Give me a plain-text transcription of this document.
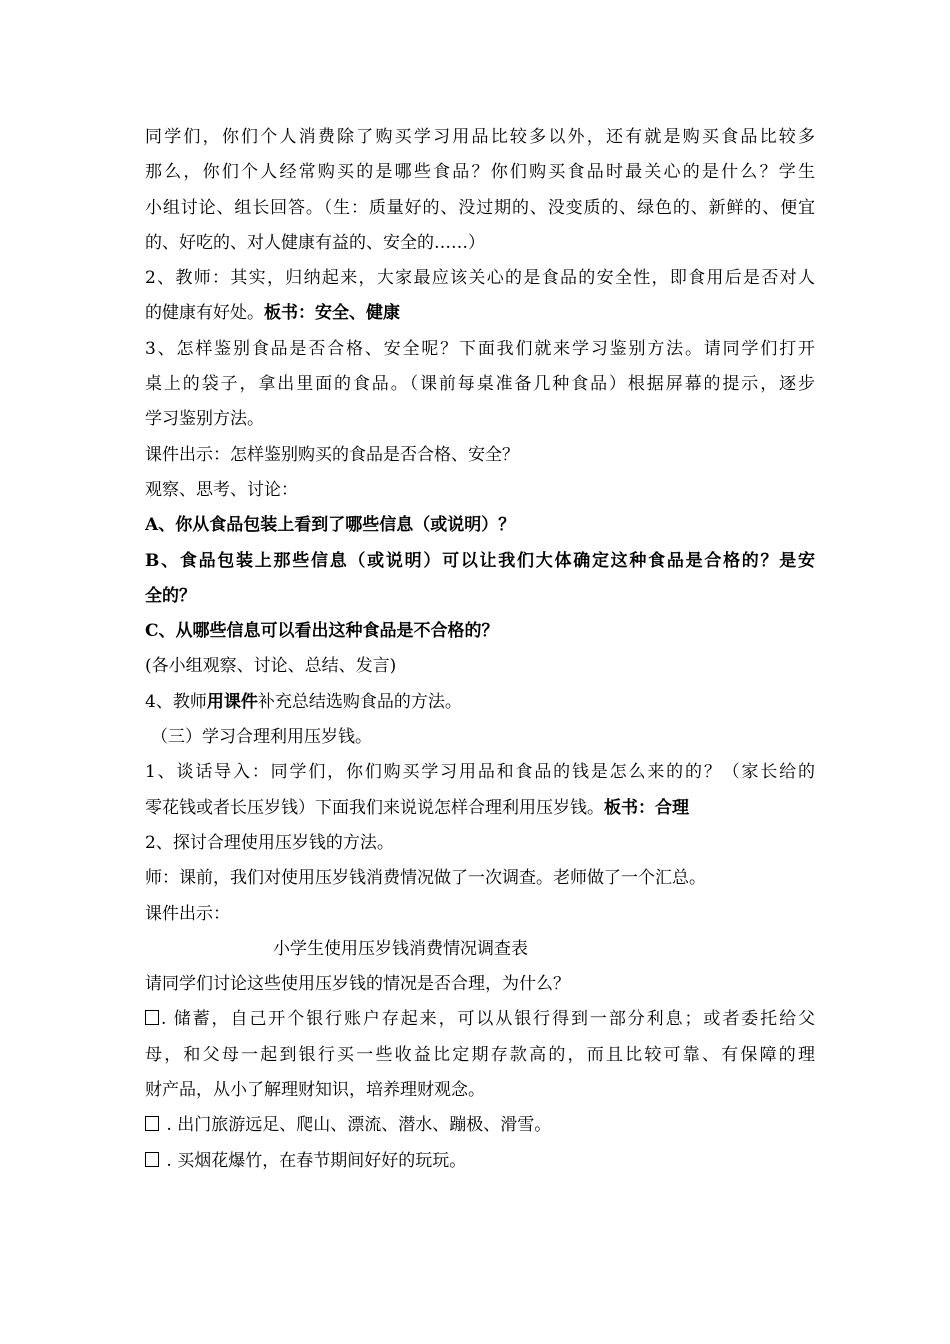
同学们，你们个人消费除了购买学习用品比较多以外，还有就是购买食品比较多
那么，你们个人经常购买的是哪些食品？你们购买食品时最关心的是什么？学生
小组讨论、组长回答。（生：质量好的、没过期的、没变质的、绿色的、新鲜的、便宜
的、好吃的、对人健康有益的、安全的……）
2、教师：其实，归纳起来，大家最应该关心的是食品的安全性，即食用后是否对人
的健康有好处。板书：安全、健康
3、怎样鉴别食品是否合格、安全呢？下面我们就来学习鉴别方法。请同学们打开
桌上的袋子，拿出里面的食品。（课前每桌准备几种食品）根据屏幕的提示，逐步
学习鉴别方法。
课件出示：怎样鉴别购买的食品是否合格、安全？
观察、思考、讨论：
A、你从食品包装上看到了哪些信息（或说明）？
B、食品包装上那些信息（或说明）可以让我们大体确定这种食品是合格的？是安
全的？
C、从哪些信息可以看出这种食品是不合格的？
(各小组观察、讨论、总结、发言)
4、教师用课件补充总结选购食品的方法。
（三）学习合理利用压岁钱。
1、谈话导入：同学们，你们购买学习用品和食品的钱是怎么来的的？（家长给的
零花钱或者长压岁钱）下面我们来说说怎样合理利用压岁钱。板书：合理
2、探讨合理使用压岁钱的方法。
师：课前，我们对使用压岁钱消费情况做了一次调查。老师做了一个汇总。
课件出示：
小学生使用压岁钱消费情况调查表
请同学们讨论这些使用压岁钱的情况是否合理，为什么？
. 储蓄，自己开个银行账户存起来，可以从银行得到一部分利息；或者委托给父
母，和父母一起到银行买一些收益比定期存款高的，而且比较可靠、有保障的理
财产品，从小了解理财知识，培养理财观念。
. 出门旅游远足、爬山、漂流、潜水、蹦极、滑雪。
. 买烟花爆竹，在春节期间好好的玩玩。
